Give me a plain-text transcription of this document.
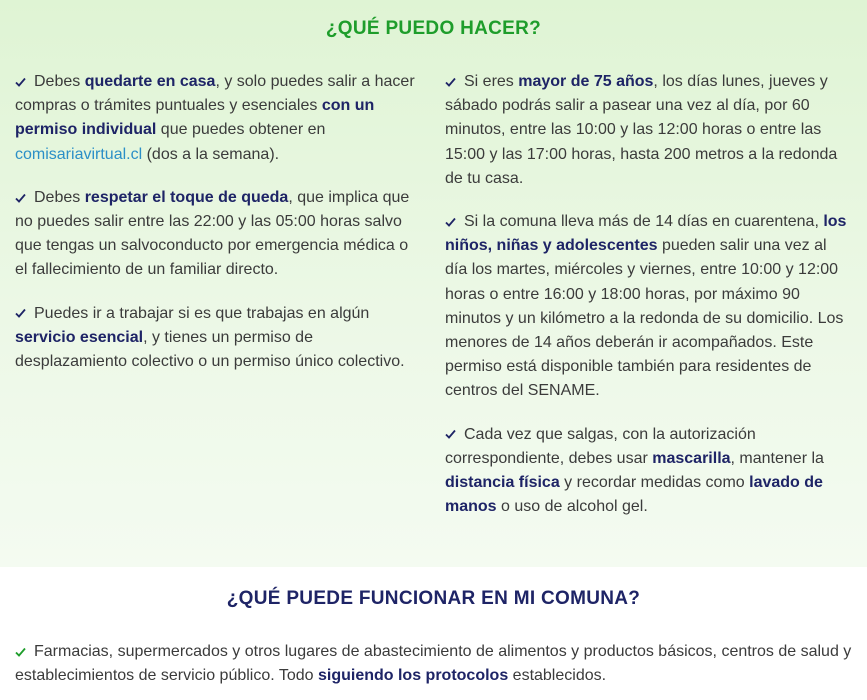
¿QUÉ PUEDO HACER?
Debes quedarte en casa, y solo puedes salir a hacer compras o trámites puntuales y esenciales con un permiso individual que puedes obtener en comisariavirtual.cl (dos a la semana).
Debes respetar el toque de queda, que implica que no puedes salir entre las 22:00 y las 05:00 horas salvo que tengas un salvoconducto por emergencia médica o el fallecimiento de un familiar directo.
Puedes ir a trabajar si es que trabajas en algún servicio esencial, y tienes un permiso de desplazamiento colectivo o un permiso único colectivo.
Si eres mayor de 75 años, los días lunes, jueves y sábado podrás salir a pasear una vez al día, por 60 minutos, entre las 10:00 y las 12:00 horas o entre las 15:00 y las 17:00 horas, hasta 200 metros a la redonda de tu casa.
Si la comuna lleva más de 14 días en cuarentena, los niños, niñas y adolescentes pueden salir una vez al día los martes, miércoles y viernes, entre 10:00 y 12:00 horas o entre 16:00 y 18:00 horas, por máximo 90 minutos y un kilómetro a la redonda de su domicilio. Los menores de 14 años deberán ir acompañados. Este permiso está disponible también para residentes de centros del SENAME.
Cada vez que salgas, con la autorización correspondiente, debes usar mascarilla, mantener la distancia física y recordar medidas como lavado de manos o uso de alcohol gel.
¿QUÉ PUEDE FUNCIONAR EN MI COMUNA?
Farmacias, supermercados y otros lugares de abastecimiento de alimentos y productos básicos, centros de salud y establecimientos de servicio público. Todo siguiendo los protocolos establecidos.
